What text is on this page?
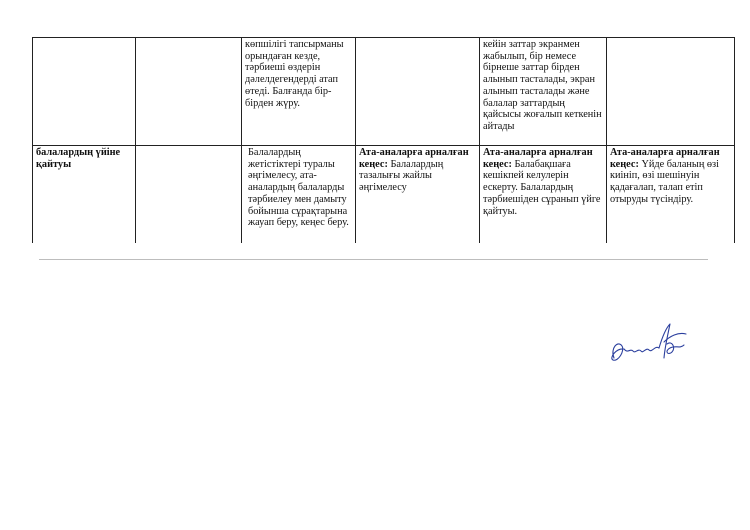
		көпшілігі тапсырманы орындаған кезде, тәрбиеші өздерін дәлелдегендерді атап өтеді. Балғанда бір-бірден жүру.		кейін заттар экранмен жабылып, бір немесе бірнеше заттар бірден алынып тасталады, экран алынып тасталады және балалар заттардың қайсысы жоғалып кеткенін айтады	
балалардың үйіне қайтуы		Балалардың жетістіктері туралы әңгімелесу, ата-аналардың балаларды тәрбиелеу мен дамыту бойынша сұрақтарына жауап беру, кеңес беру.	Ата-аналарға арналған кеңес: Балалардың тазалығы жайлы әңгімелесу	Ата-аналарға арналған кеңес: Балабақшаға кешікпей келулерін ескерту. Балалардың тәрбиешіден сұранып үйге қайтуы.	Ата-аналарға арналған кеңес: Үйде баланың өзі киініп, өзі шешінуін қадағалап, талап етіп отыруды түсіндіру.
